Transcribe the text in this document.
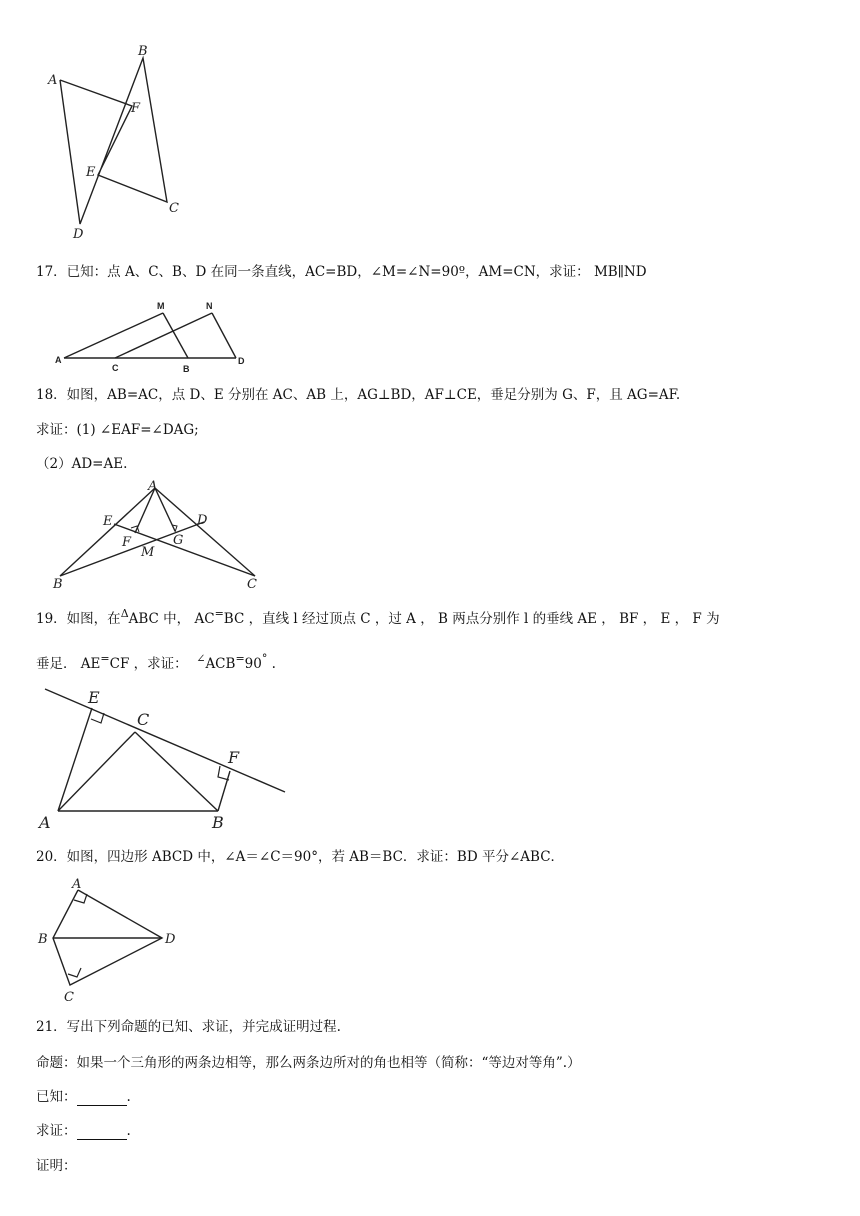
A
B
F
E
C
D
17．已知：点 A、C、B、D 在同一条直线，AC=BD，∠M=∠N=90º，AM=CN，求证： MB∥ND
A
C	B
D
M	N
18．如图，AB=AC，点 D、E 分别在 AC、AB 上，AG⊥BD，AF⊥CE，垂足分别为 G、F，且 AG=AF.
求证：(1) ∠EAF=∠DAG;
（2）AD=AE.
A
E	D
F	G
M
B	C
19．如图，在$^\Delta$ABC 中， AC=BC ，直线 l 经过顶点 C ，过 A ， B 两点分别作 l 的垂线 AE ， BF ， E ， F 为
垂足． AE=CF ，求证： ∠ACB=90° .
E
C
F
A	B
20．如图，四边形 ABCD 中，∠A＝∠C＝90°，若 AB＝BC．求证：BD 平分∠ABC．
A
B	D
C
21．写出下列命题的已知、求证，并完成证明过程.
命题：如果一个三角形的两条边相等，那么两条边所对的角也相等（简称：“等边对等角”.）
已知：	.
求证：	.
证明：
